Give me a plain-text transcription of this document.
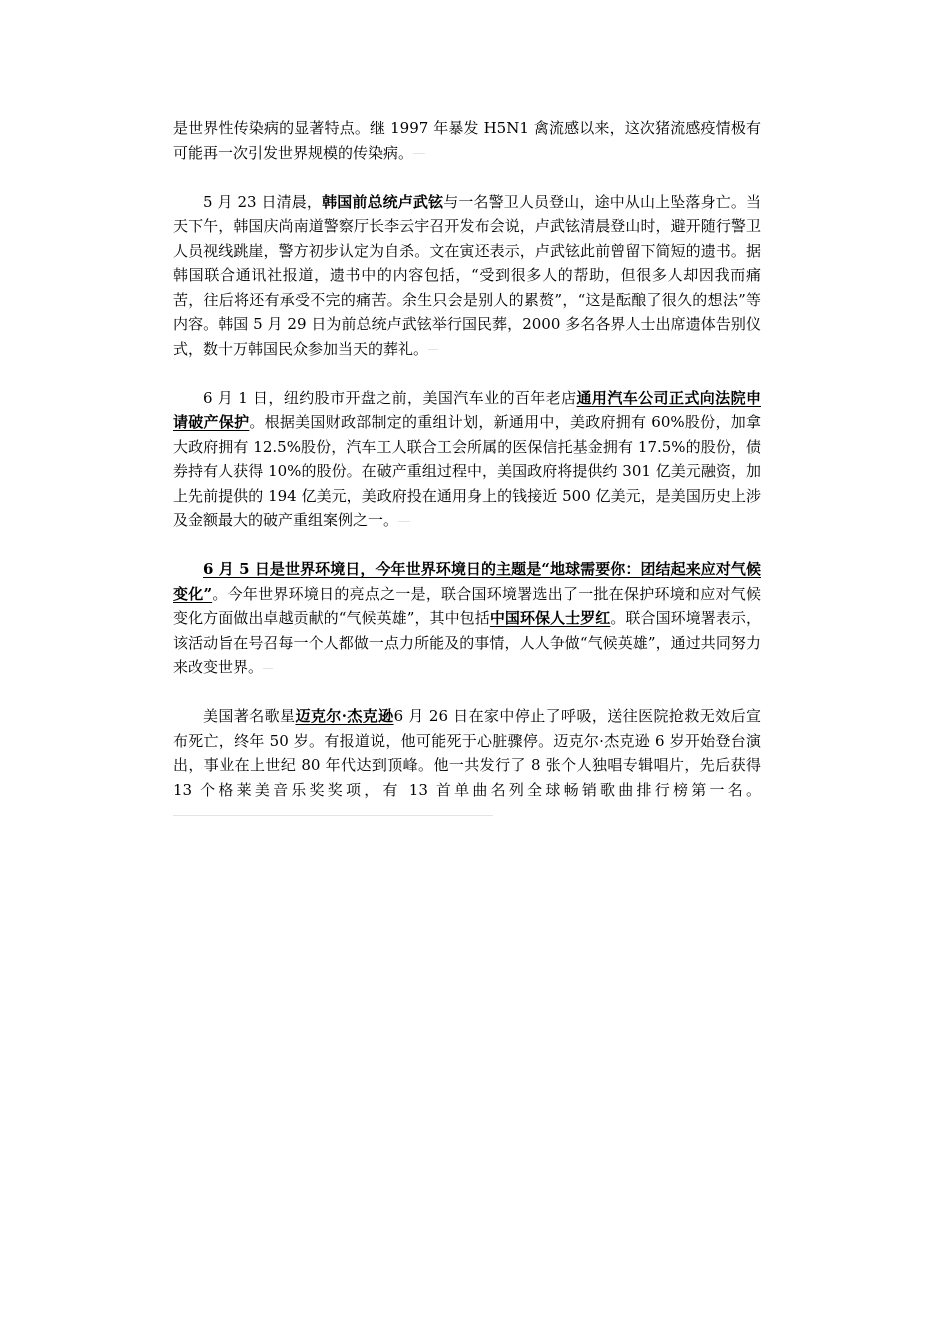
是世界性传染病的显著特点。继 1997 年暴发 H5N1 禽流感以来，这次猪流感疫情极有可能再一次引发世界规模的传染病。

5 月 23 日清晨，韩国前总统卢武铉与一名警卫人员登山，途中从山上坠落身亡。当天下午，韩国庆尚南道警察厅长李云宇召开发布会说，卢武铉清晨登山时，避开随行警卫人员视线跳崖，警方初步认定为自杀。文在寅还表示，卢武铉此前曾留下简短的遗书。据韩国联合通讯社报道，遗书中的内容包括，“受到很多人的帮助，但很多人却因我而痛苦，往后将还有承受不完的痛苦。余生只会是别人的累赘”，“这是酝酿了很久的想法”等内容。韩国 5 月 29 日为前总统卢武铉举行国民葬，2000 多名各界人士出席遗体告别仪式，数十万韩国民众参加当天的葬礼。

6 月 1 日，纽约股市开盘之前，美国汽车业的百年老店通用汽车公司正式向法院申请破产保护。根据美国财政部制定的重组计划，新通用中，美政府拥有 60%股份，加拿大政府拥有 12.5%股份，汽车工人联合工会所属的医保信托基金拥有 17.5%的股份，债券持有人获得 10%的股份。在破产重组过程中，美国政府将提供约 301 亿美元融资，加上先前提供的 194 亿美元，美政府投在通用身上的钱接近 500 亿美元，是美国历史上涉及金额最大的破产重组案例之一。

6 月 5 日是世界环境日，今年世界环境日的主题是“地球需要你：团结起来应对气候变化”。今年世界环境日的亮点之一是，联合国环境署选出了一批在保护环境和应对气候变化方面做出卓越贡献的“气候英雄”，其中包括中国环保人士罗红。联合国环境署表示，该活动旨在号召每一个人都做一点力所能及的事情，人人争做“气候英雄”，通过共同努力来改变世界。

美国著名歌星迈克尔·杰克逊6 月 26 日在家中停止了呼吸，送往医院抢救无效后宣布死亡，终年 50 岁。有报道说，他可能死于心脏骤停。迈克尔·杰克逊 6 岁开始登台演出，事业在上世纪 80 年代达到顶峰。他一共发行了 8 张个人独唱专辑唱片，先后获得 13 个格莱美音乐奖奖项，有 13 首单曲名列全球畅销歌曲排行榜第一名。
